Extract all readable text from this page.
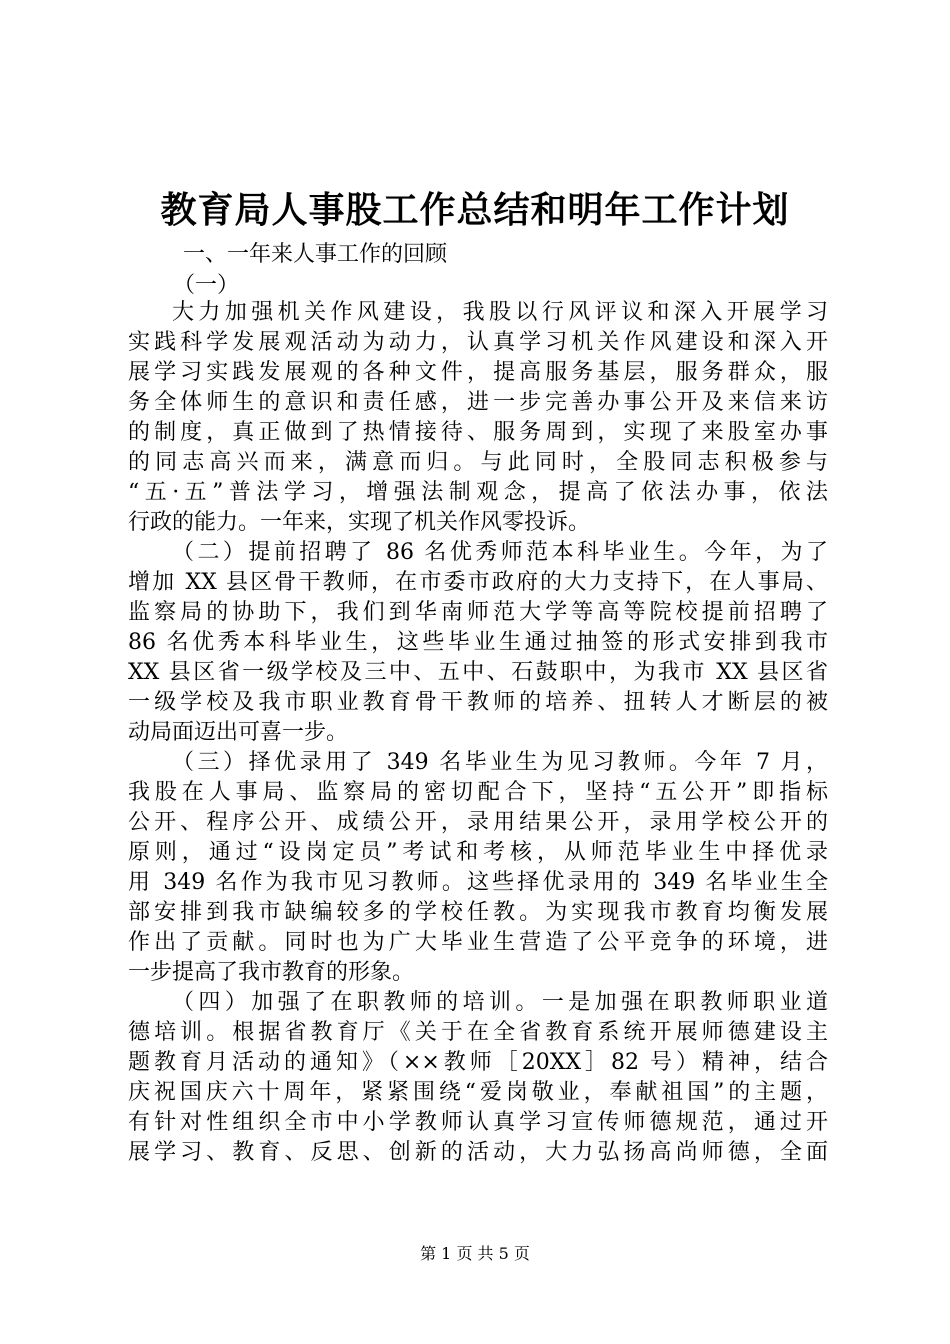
教育局人事股工作总结和明年工作计划
一、一年来人事工作的回顾
（一）
大力加强机关作风建设，我股以行风评议和深入开展学习
实践科学发展观活动为动力，认真学习机关作风建设和深入开
展学习实践发展观的各种文件，提高服务基层，服务群众，服
务全体师生的意识和责任感，进一步完善办事公开及来信来访
的制度，真正做到了热情接待、服务周到，实现了来股室办事
的同志高兴而来，满意而归。与此同时，全股同志积极参与
“五·五”普法学习，增强法制观念，提高了依法办事，依法
行政的能力。一年来，实现了机关作风零投诉。
（二）提前招聘了 86 名优秀师范本科毕业生。今年，为了
增加 XX 县区骨干教师，在市委市政府的大力支持下，在人事局、
监察局的协助下，我们到华南师范大学等高等院校提前招聘了
86 名优秀本科毕业生，这些毕业生通过抽签的形式安排到我市
XX 县区省一级学校及三中、五中、石鼓职中，为我市 XX 县区省
一级学校及我市职业教育骨干教师的培养、扭转人才断层的被
动局面迈出可喜一步。
（三）择优录用了 349 名毕业生为见习教师。今年 7 月，
我股在人事局、监察局的密切配合下，坚持“五公开”即指标
公开、程序公开、成绩公开，录用结果公开，录用学校公开的
原则，通过“设岗定员”考试和考核，从师范毕业生中择优录
用 349 名作为我市见习教师。这些择优录用的 349 名毕业生全
部安排到我市缺编较多的学校任教。为实现我市教育均衡发展
作出了贡献。同时也为广大毕业生营造了公平竞争的环境，进
一步提高了我市教育的形象。
（四）加强了在职教师的培训。一是加强在职教师职业道
德培训。根据省教育厅《关于在全省教育系统开展师德建设主
题教育月活动的通知》（××教师［20XX］82 号）精神，结合
庆祝国庆六十周年，紧紧围绕“爱岗敬业，奉献祖国”的主题，
有针对性组织全市中小学教师认真学习宣传师德规范，通过开
展学习、教育、反思、创新的活动，大力弘扬高尚师德，全面
第 1 页 共 5 页
